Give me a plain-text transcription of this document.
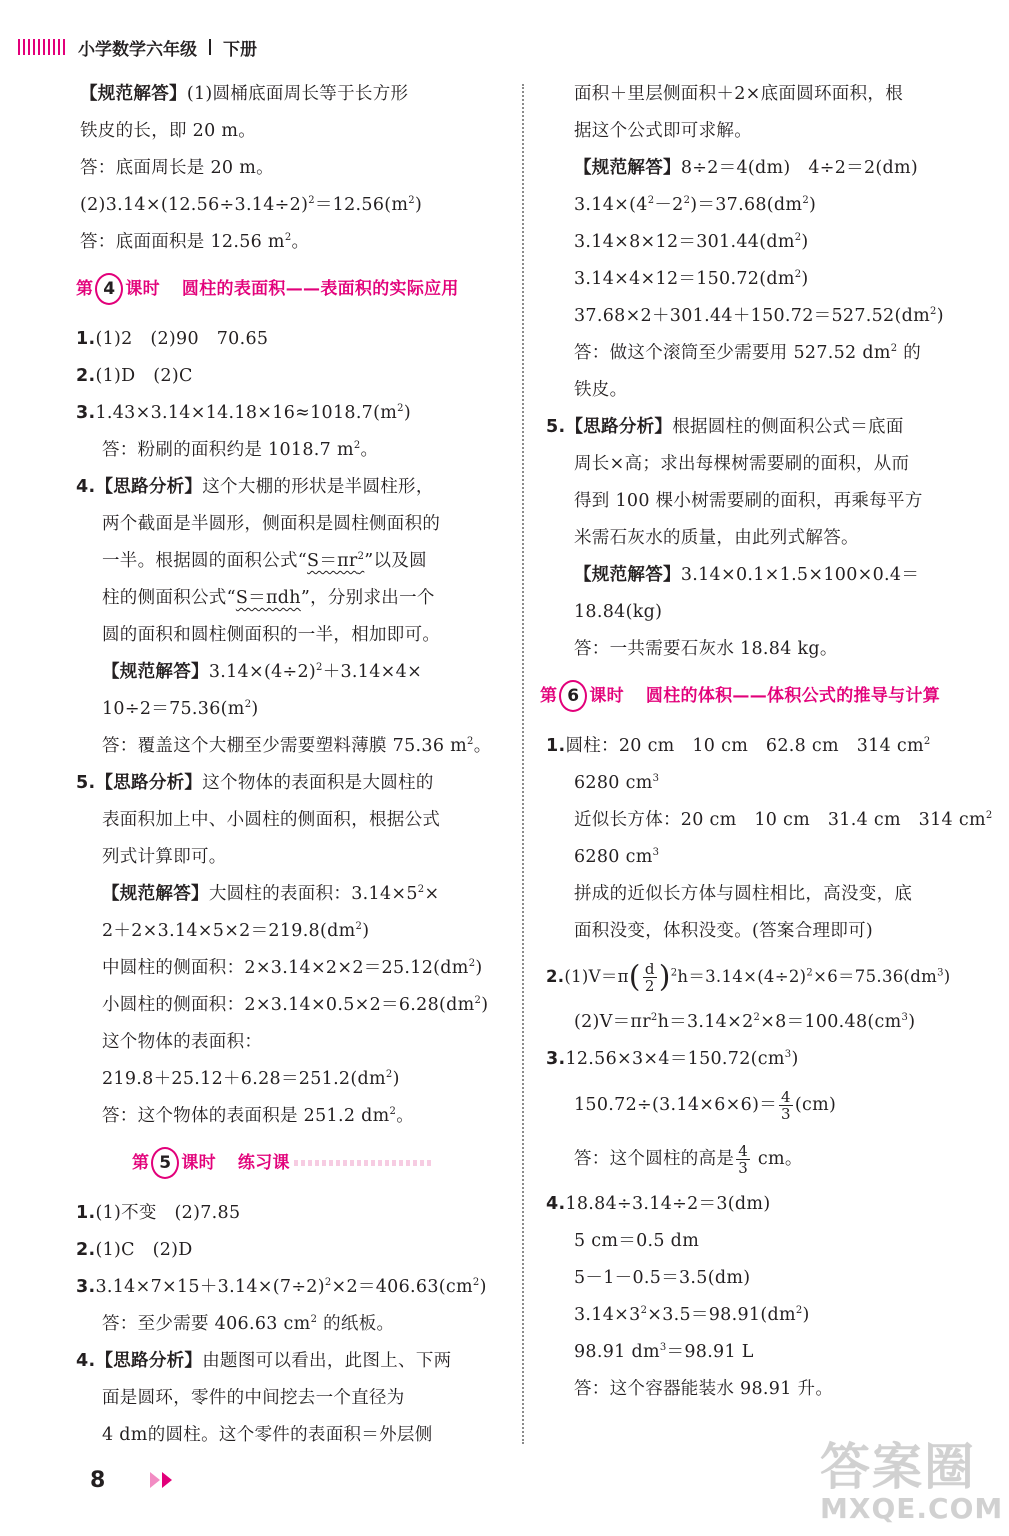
小学数学六年级 下册
【规范解答】(1)圆桶底面周长等于长方形
铁皮的长，即 20 m。
答：底面周长是 20 m。
$(2)3.14\times(12.56\div 3.14\div 2)^2=12.56(m^2)$
答：底面面积是 12.56 $m^2$。
第 4 课时 圆柱的表面积——表面积的实际应用
1.(1)2　(2)90　70.65
2.(1)D　(2)C
$3.1.43\times 3.14\times 14.18\times 16\approx 1018.7(m^2)$
答：粉刷的面积约是 1018.7 $m^2$。
4.【思路分析】这个大棚的形状是半圆柱形，
两个截面是半圆形，侧面积是圆柱侧面积的
一半。根据圆的面积公式“$S=\pi r^2$”以及圆
柱的侧面积公式“S＝πdh”，分别求出一个
圆的面积和圆柱侧面积的一半，相加即可。
【规范解答】$3.14\times(4\div 2)^2+3.14\times 4\times$
$10\div 2=75.36(m^2)$
答：覆盖这个大棚至少需要塑料薄膜 75.36 $m^2$。
5.【思路分析】这个物体的表面积是大圆柱的
表面积加上中、小圆柱的侧面积，根据公式
列式计算即可。
【规范解答】大圆柱的表面积：$3.14\times 5^2\times$
$2+2\times 3.14\times 5\times 2=219.8(dm^2)$
中圆柱的侧面积：$2\times 3.14\times 2\times 2=25.12(dm^2)$
小圆柱的侧面积：$2\times 3.14\times 0.5\times 2=6.28(dm^2)$
这个物体的表面积：
$219.8+25.12+6.28=251.2(dm^2)$
答：这个物体的表面积是 251.2 $dm^2$。
第 5 课时 练习课
1.(1)不变　(2)7.85
2.(1)C　(2)D
$3.3.14\times 7\times 15+3.14\times(7\div 2)^2\times 2=406.63(cm^2)$
答：至少需要 406.63 $cm^2$ 的纸板。
4.【思路分析】由题图可以看出，此图上、下两
面是圆环，零件的中间挖去一个直径为
4 dm的圆柱。这个零件的表面积＝外层侧
面积＋里层侧面积＋2×底面圆环面积，根
据这个公式即可求解。
【规范解答】8÷2＝4(dm)　4÷2＝2(dm)
$3.14\times(4^2-2^2)=37.68(dm^2)$
$3.14\times 8\times 12=301.44(dm^2)$
$3.14\times 4\times 12=150.72(dm^2)$
$37.68\times 2+301.44+150.72=527.52(dm^2)$
答：做这个滚筒至少需要用 527.52 $dm^2$ 的
铁皮。
5.【思路分析】根据圆柱的侧面积公式＝底面
周长×高；求出每棵树需要刷的面积，从而
得到 100 棵小树需要刷的面积，再乘每平方
米需石灰水的质量，由此列式解答。
【规范解答】3.14×0.1×1.5×100×0.4＝
18.84(kg)
答：一共需要石灰水 18.84 kg。
第 6 课时 圆柱的体积——体积公式的推导与计算
1.圆柱：20 cm　10 cm　62.8 cm　314 $cm^2$
6280 $cm^3$
近似长方体：20 cm　10 cm　31.4 cm　314 $cm^2$
6280 $cm^3$
拼成的近似长方体与圆柱相比，高没变，底
面积没变，体积没变。(答案合理即可)
$2.(1)V=\pi( \frac{d}{2} )^2h=3.14\times(4\div 2)^2\times 6=75.36(dm^3)$
$(2)V=\pi r^2h=3.14\times 2^2\times 8=100.48(cm^3)$
$3.12.56\times 3\times 4=150.72(cm^3)$
$150.72\div(3.14\times 6\times 6)= \frac{4}{3} (cm)$
答：这个圆柱的高是 $\frac{4}{3}$ cm。
4.18.84÷3.14÷2＝3(dm)
5 cm＝0.5 dm
5－1－0.5＝3.5(dm)
$3.14\times 3^2\times 3.5=98.91(dm^2)$
98.91 $dm^3=98.91$ L
答：这个容器能装水 98.91 升。
8	答案圈
MXQE.COM
